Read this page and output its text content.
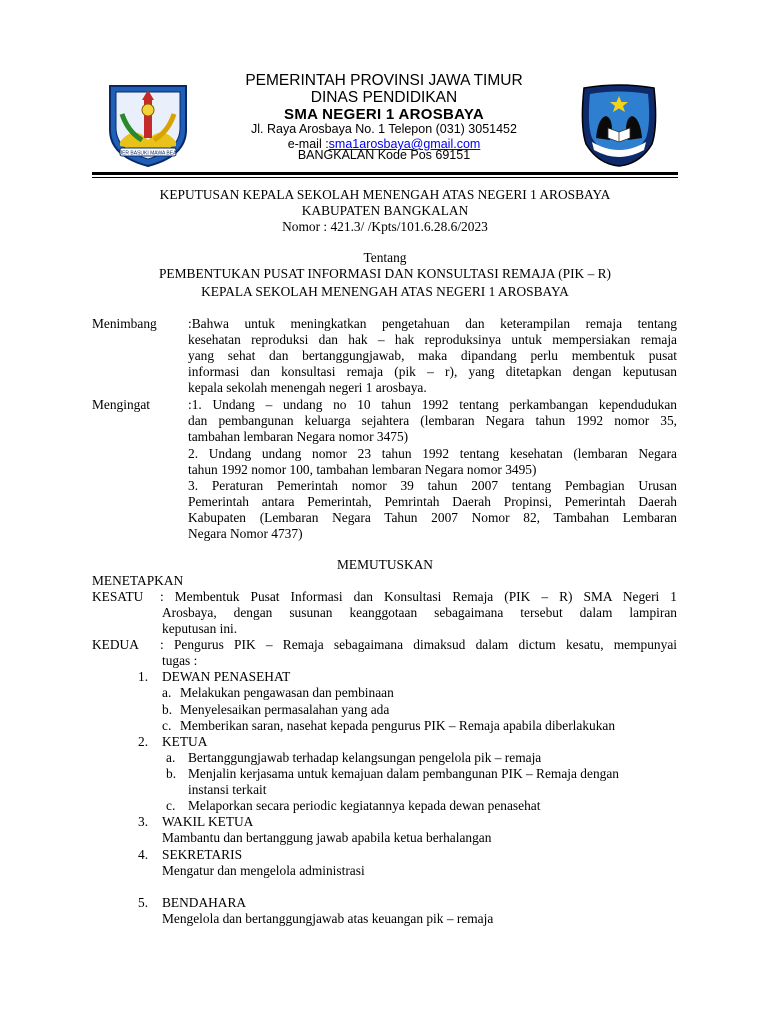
JER BASUKI MAWA BEA
PEMERINTAH PROVINSI JAWA TIMUR
DINAS PENDIDIKAN
SMA NEGERI 1 AROSBAYA
Jl. Raya Arosbaya No. 1 Telepon (031) 3051452
e-mail :sma1arosbaya@gmail.com
BANGKALAN Kode Pos 69151
KEPUTUSAN KEPALA SEKOLAH MENENGAH ATAS NEGERI 1 AROSBAYA
KABUPATEN BANGKALAN
Nomor : 421.3/ /Kpts/101.6.28.6/2023
Tentang
PEMBENTUKAN PUSAT INFORMASI DAN KONSULTASI REMAJA (PIK – R)
KEPALA SEKOLAH MENENGAH ATAS NEGERI 1 AROSBAYA
Menimbang :Bahwa untuk meningkatkan pengetahuan dan keterampilan remaja tentang
kesehatan reproduksi dan hak – hak reproduksinya untuk mempersiakan remaja
yang sehat dan bertanggungjawab, maka dipandang perlu membentuk pusat
informasi dan konsultasi remaja (pik – r), yang ditetapkan dengan keputusan
kepala sekolah menengah negeri 1 arosbaya.
Mengingat	:1. Undang – undang no 10 tahun 1992 tentang perkambangan kependudukan
dan pembangunan keluarga sejahtera (lembaran Negara tahun 1992 nomor 35,
tambahan lembaran Negara nomor 3475)
2. Undang undang nomor 23 tahun 1992 tentang kesehatan (lembaran Negara
tahun 1992 nomor 100, tambahan lembaran Negara nomor 3495)
3. Peraturan Pemerintah nomor 39 tahun 2007 tentang Pembagian Urusan
Pemerintah antara Pemerintah, Pemrintah Daerah Propinsi, Pemerintah Daerah
Kabupaten (Lembaran Negara Tahun 2007 Nomor 82, Tambahan Lembaran
Negara Nomor 4737)
MEMUTUSKAN
MENETAPKAN
KESATU : Membentuk Pusat Informasi dan Konsultasi Remaja (PIK – R) SMA Negeri 1
Arosbaya, dengan susunan keanggotaan sebagaimana tersebut dalam lampiran
keputusan ini.
KEDUA : Pengurus PIK – Remaja sebagaimana dimaksud dalam dictum kesatu, mempunyai
tugas :
1. DEWAN PENASEHAT
a. Melakukan pengawasan dan pembinaan
b. Menyelesaikan permasalahan yang ada
c. Memberikan saran, nasehat kepada pengurus PIK – Remaja apabila diberlakukan
2. KETUA
a. Bertanggungjawab terhadap kelangsungan pengelola pik – remaja
b. Menjalin kerjasama untuk kemajuan dalam pembangunan PIK – Remaja dengan
instansi terkait
c. Melaporkan secara periodic kegiatannya kepada dewan penasehat
3. WAKIL KETUA
Mambantu dan bertanggung jawab apabila ketua berhalangan
4. SEKRETARIS
Mengatur dan mengelola administrasi
5. BENDAHARA
Mengelola dan bertanggungjawab atas keuangan pik – remaja
